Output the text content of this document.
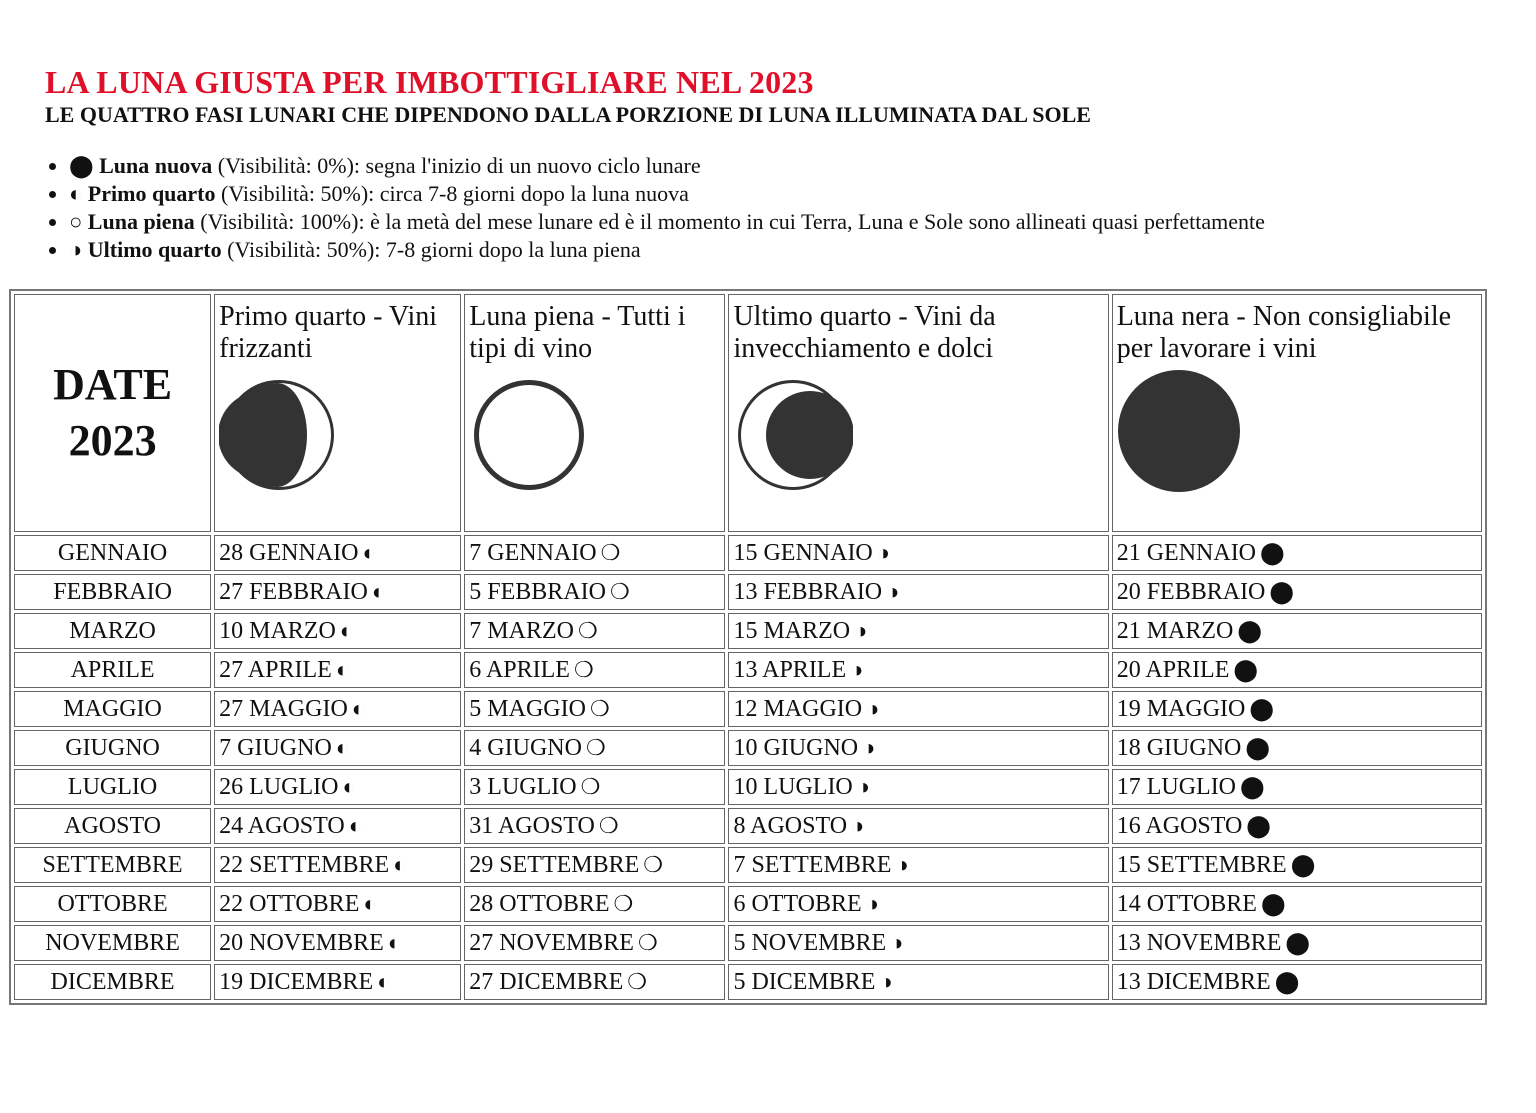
LA LUNA GIUSTA PER IMBOTTIGLIARE NEL 2023
LE QUATTRO FASI LUNARI CHE DIPENDONO DALLA PORZIONE DI LUNA ILLUMINATA DAL SOLE
• ⬤ Luna nuova (Visibilità: 0%): segna l'inizio di un nuovo ciclo lunare
• ◐ Primo quarto (Visibilità: 50%): circa 7-8 giorni dopo la luna nuova
• ○ Luna piena (Visibilità: 100%): è la metà del mese lunare ed è il momento in cui Terra, Luna e Sole sono allineati quasi perfettamente
• ◑ Ultimo quarto (Visibilità: 50%): 7-8 giorni dopo la luna piena
DATE
2023	Primo quarto - Vini frizzanti	Luna piena - Tutti i tipi di vino	Ultimo quarto - Vini da invecchiamento e dolci	Luna nera - Non consigliabile per lavorare i vini

GENNAIO	28 GENNAIO ◐	7 GENNAIO ❍	15 GENNAIO ◑	21 GENNAIO ⬤
FEBBRAIO	27 FEBBRAIO ◐	5 FEBBRAIO ❍	13 FEBBRAIO ◑	20 FEBBRAIO ⬤
MARZO	10 MARZO ◐	7 MARZO ❍	15 MARZO ◑	21 MARZO ⬤
APRILE	27 APRILE ◐	6 APRILE ❍	13 APRILE ◑	20 APRILE ⬤
MAGGIO	27 MAGGIO ◐	5 MAGGIO ❍	12 MAGGIO ◑	19 MAGGIO ⬤
GIUGNO	7 GIUGNO ◐	4 GIUGNO ❍	10 GIUGNO ◑	18 GIUGNO ⬤
LUGLIO	26 LUGLIO ◐	3 LUGLIO ❍	10 LUGLIO ◑	17 LUGLIO ⬤
AGOSTO	24 AGOSTO ◐	31 AGOSTO ❍	8 AGOSTO ◑	16 AGOSTO ⬤
SETTEMBRE	22 SETTEMBRE ◐	29 SETTEMBRE ❍	7 SETTEMBRE ◑	15 SETTEMBRE ⬤
OTTOBRE	22 OTTOBRE ◐	28 OTTOBRE ❍	6 OTTOBRE ◑	14 OTTOBRE ⬤
NOVEMBRE	20 NOVEMBRE ◐	27 NOVEMBRE ❍	5 NOVEMBRE ◑	13 NOVEMBRE ⬤
DICEMBRE	19 DICEMBRE ◐	27 DICEMBRE ❍	5 DICEMBRE ◑	13 DICEMBRE ⬤
